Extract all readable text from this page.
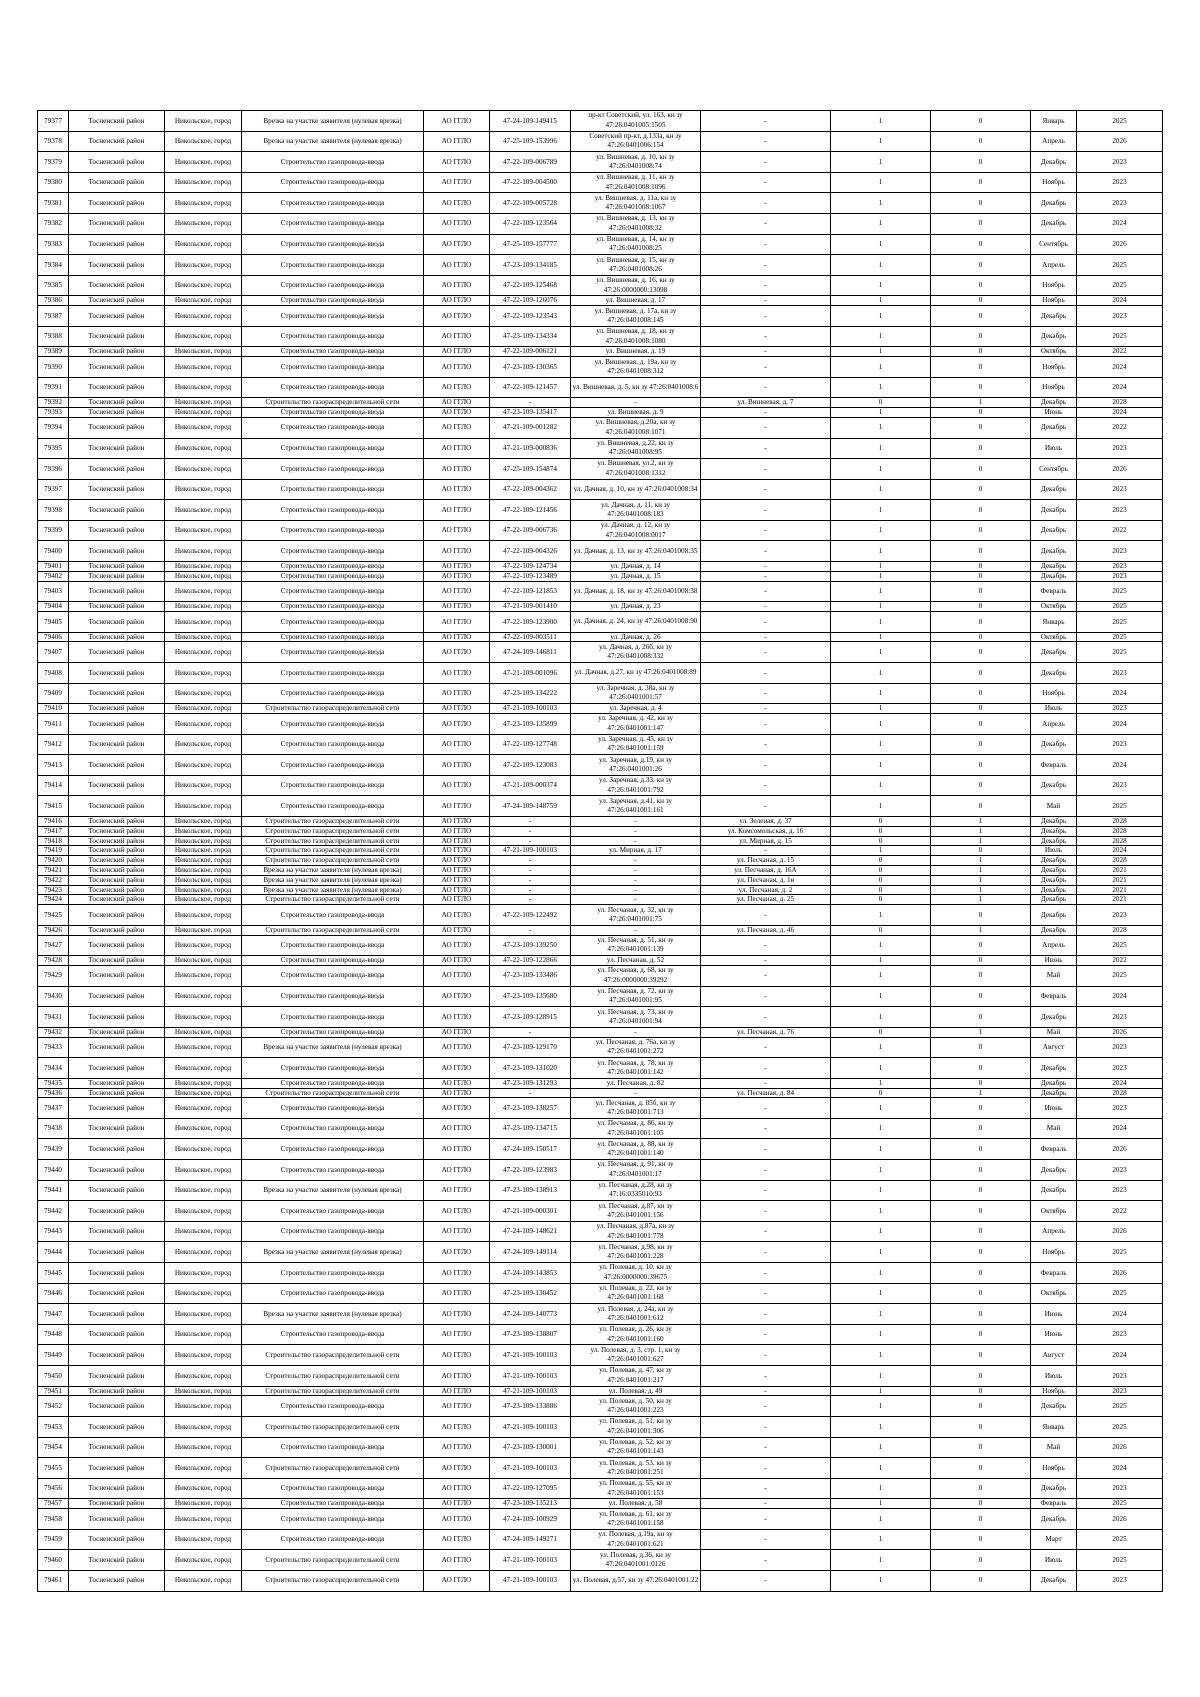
79377	Тосненский район	Никольское, город	Врезка на участке заявителя (нулевая врезка)	АО ГГЛО	47-24-109-149415	пр-кт Советский, ул. 163, кн зу 47:26:0401005:1505	-	1	0	Январь	2025
79378	Тосненский район	Никольское, город	Врезка на участке заявителя (нулевая врезка)	АО ГГЛО	47-25-109-153996	Советский пр-кт, д.133а, кн зу 47:26:0401006:154	-	1	0	Апрель	2026
79379	Тосненский район	Никольское, город	Строительство газопровода-ввода	АО ГГЛО	47-22-109-006789	ул. Вишневая, д. 10, кн зу 47:26:0401008:74	-	1	0	Декабрь	2023
79380	Тосненский район	Никольское, город	Строительство газопровода-ввода	АО ГГЛО	47-22-109-004500	ул. Вишневая, д. 11, кн зу 47:26:0401008:1096	-	1	0	Ноябрь	2023
79381	Тосненский район	Никольское, город	Строительство газопровода-ввода	АО ГГЛО	47-22-109-005728	ул. Вишневая, д. 11а, кн зу 47:26:0401008:1067	-	1	0	Декабрь	2023
79382	Тосненский район	Никольское, город	Строительство газопровода-ввода	АО ГГЛО	47-22-109-123564	ул. Вишневая, д. 13, кн зу 47:26:0401008:32	-	1	0	Декабрь	2024
79383	Тосненский район	Никольское, город	Строительство газопровода-ввода	АО ГГЛО	47-25-109-157777	ул. Вишневая, д. 14, кн зу 47:26:0401008:25	-	1	0	Сентябрь	2026
79384	Тосненский район	Никольское, город	Строительство газопровода-ввода	АО ГГЛО	47-23-109-134185	ул. Вишневая, д. 15, кн зу 47:26:0401008:26	-	1	0	Апрель	2025
79385	Тосненский район	Никольское, город	Строительство газопровода-ввода	АО ГГЛО	47-22-109-125468	ул. Вишневая, д. 16, кн зу 47:26:0000000:13098	-	1	0	Ноябрь	2025
79386	Тосненский район	Никольское, город	Строительство газопровода-ввода	АО ГГЛО	47-22-109-126076	ул. Вишневая, д. 17	-	1	0	Ноябрь	2024
79387	Тосненский район	Никольское, город	Строительство газопровода-ввода	АО ГГЛО	47-22-109-123543	ул. Вишневая, д. 17а, кн зу 47:26:0401008:145	-	1	0	Декабрь	2023
79388	Тосненский район	Никольское, город	Строительство газопровода-ввода	АО ГГЛО	47-23-109-134334	ул. Вишневая, д. 18, кн зу 47:26:0401008:1080	-	1	0	Декабрь	2025
79389	Тосненский район	Никольское, город	Строительство газопровода-ввода	АО ГГЛО	47-22-109-006121	ул. Вишневая, д. 19	-	1	0	Октябрь	2022
79390	Тосненский район	Никольское, город	Строительство газопровода-ввода	АО ГГЛО	47-23-109-130365	ул. Вишневая, д. 19а, кн зу 47:26:0401008:312	-	1	0	Ноябрь	2024
79391	Тосненский район	Никольское, город	Строительство газопровода-ввода	АО ГГЛО	47-22-109-121457	ул. Вишневая, д. 5, кн зу 47:26:0401008:6	-	1	0	Ноябрь	2024
79392	Тосненский район	Никольское, город	Строительство газораспределительной сети	АО ГГЛО	-	-	ул. Вишневая, д. 7	0	1	Декабрь	2028
79393	Тосненский район	Никольское, город	Строительство газопровода-ввода	АО ГГЛО	47-23-109-135417	ул. Вишневая, д. 9	-	1	0	Июнь	2024
79394	Тосненский район	Никольское, город	Строительство газопровода-ввода	АО ГГЛО	47-21-109-001282	ул. Вишневая, д.20а, кн зу 47:26:0401008:1071	-	1	0	Декабрь	2022
79395	Тосненский район	Никольское, город	Строительство газопровода-ввода	АО ГГЛО	47-21-109-000836	ул. Вишневая, д.22, кн зу 47:26:0401008:95	-	1	0	Июль	2023
79396	Тосненский район	Никольское, город	Строительство газопровода-ввода	АО ГГЛО	47-25-109-154874	ул. Вишневая, ул.2, кн зу 47:26:0401008:1312	-	1	0	Сентябрь	2026
79397	Тосненский район	Никольское, город	Строительство газопровода-ввода	АО ГГЛО	47-22-109-004362	ул. Дачная, д. 10, кн зу 47:26:0401008:34	-	1	0	Декабрь	2023
79398	Тосненский район	Никольское, город	Строительство газопровода-ввода	АО ГГЛО	47-22-109-121456	ул. Дачная, д. 11, кн зу 47:26:0401008:183	-	1	0	Декабрь	2023
79399	Тосненский район	Никольское, город	Строительство газопровода-ввода	АО ГГЛО	47-22-109-006736	ул. Дачная, д. 12, кн зу 47:26:0401008:0017	-	1	0	Декабрь	2022
79400	Тосненский район	Никольское, город	Строительство газопровода-ввода	АО ГГЛО	47-22-109-004326	ул. Дачная, д. 13, кн зу 47:26:0401008:35	-	1	0	Декабрь	2023
79401	Тосненский район	Никольское, город	Строительство газопровода-ввода	АО ГГЛО	47-22-109-124734	ул. Дачная, д. 14	-	1	0	Декабрь	2023
79402	Тосненский район	Никольское, город	Строительство газопровода-ввода	АО ГГЛО	47-22-109-123489	ул. Дачная, д. 15	-	1	0	Декабрь	2023
79403	Тосненский район	Никольское, город	Строительство газопровода-ввода	АО ГГЛО	47-22-109-121853	ул. Дачная, д. 18, кн зу 47:26:0401008:38	-	1	0	Февраль	2025
79404	Тосненский район	Никольское, город	Строительство газопровода-ввода	АО ГГЛО	47-21-109-001410	ул. Дачная, д. 23	-	1	0	Октябрь	2025
79405	Тосненский район	Никольское, город	Строительство газопровода-ввода	АО ГГЛО	47-22-109-123900	ул. Дачная, д. 24, кн зу 47:26:0401008:90	-	1	0	Январь	2025
79406	Тосненский район	Никольское, город	Строительство газопровода-ввода	АО ГГЛО	47-22-109-003511	ул. Дачная, д. 26	-	1	0	Октябрь	2025
79407	Тосненский район	Никольское, город	Строительство газопровода-ввода	АО ГГЛО	47-24-109-146811	ул. Дачная, д. 26б, кн зу 47:26:0401008:332	-	1	0	Декабрь	2025
79408	Тосненский район	Никольское, город	Строительство газопровода-ввода	АО ГГЛО	47-21-109-001096	ул. Дачная, д.27, кн зу 47:26:0401008:89	-	1	0	Декабрь	2023
79409	Тосненский район	Никольское, город	Строительство газопровода-ввода	АО ГГЛО	47-23-109-134222	ул. Заречная, д. 38а, кн зу 47:26:0401001:57	-	1	0	Ноябрь	2024
79410	Тосненский район	Никольское, город	Строительство газораспределительной сети	АО ГГЛО	47-21-109-100103	ул. Заречная, д. 4	-	1	0	Июль	2023
79411	Тосненский район	Никольское, город	Строительство газопровода-ввода	АО ГГЛО	47-23-109-135899	ул. Заречная, д. 42, кн зу 47:26:0401001:147	-	1	0	Апрель	2024
79412	Тосненский район	Никольское, город	Строительство газопровода-ввода	АО ГГЛО	47-22-109-127748	ул. Заречная, д. 45, кн зу 47:26:0401001:159	-	1	0	Декабрь	2023
79413	Тосненский район	Никольское, город	Строительство газопровода-ввода	АО ГГЛО	47-22-109-123083	ул. Заречная, д.19, кн зу 47:26:0401001:26	-	1	0	Февраль	2024
79414	Тосненский район	Никольское, город	Строительство газопровода-ввода	АО ГГЛО	47-21-109-000374	ул. Заречная, д.33, кн зу 47:26:0401001:792	-	1	0	Декабрь	2023
79415	Тосненский район	Никольское, город	Строительство газопровода-ввода	АО ГГЛО	47-24-109-148759	ул. Заречная, д.41, кн зу 47:26:0401001:161	-	1	0	Май	2025
79416	Тосненский район	Никольское, город	Строительство газораспределительной сети	АО ГГЛО	-	-	ул. Зеленая, д. 37	0	1	Декабрь	2028
79417	Тосненский район	Никольское, город	Строительство газораспределительной сети	АО ГГЛО	-	-	ул. Комсомольская, д. 16	0	1	Декабрь	2028
79418	Тосненский район	Никольское, город	Строительство газораспределительной сети	АО ГГЛО	-	-	ул. Мирная, д. 15	0	1	Декабрь	2028
79419	Тосненский район	Никольское, город	Строительство газораспределительной сети	АО ГГЛО	47-21-109-100103	ул. Мирная, д. 17	-	1	0	Июль	2024
79420	Тосненский район	Никольское, город	Строительство газораспределительной сети	АО ГГЛО	-	-	ул. Песчаная, д. 15	0	1	Декабрь	2028
79421	Тосненский район	Никольское, город	Врезка на участке заявителя (нулевая врезка)	АО ГГЛО	-	-	ул. Песчаная, д. 16А	0	1	Декабрь	2021
79422	Тосненский район	Никольское, город	Врезка на участке заявителя (нулевая врезка)	АО ГГЛО	-	-	ул. Песчаная, д. 1в	0	1	Декабрь	2021
79423	Тосненский район	Никольское, город	Врезка на участке заявителя (нулевая врезка)	АО ГГЛО	-	-	ул. Песчаная, д. 2	0	1	Декабрь	2021
79424	Тосненский район	Никольское, город	Строительство газораспределительной сети	АО ГГЛО	-	-	ул. Песчаная, д. 25	0	1	Декабрь	2021
79425	Тосненский район	Никольское, город	Строительство газопровода-ввода	АО ГГЛО	47-22-109-122492	ул. Песчаная, д. 32, кн зу 47:26:0401001:75	-	1	0	Декабрь	2023
79426	Тосненский район	Никольское, город	Строительство газораспределительной сети	АО ГГЛО	-	-	ул. Песчаная, д. 46	0	1	Декабрь	2028
79427	Тосненский район	Никольское, город	Строительство газопровода-ввода	АО ГГЛО	47-23-109-139250	ул. Песчаная, д. 51, кн зу 47:26:0401001:139	-	1	0	Апрель	2025
79428	Тосненский район	Никольское, город	Строительство газопровода-ввода	АО ГГЛО	47-22-109-122866	ул. Песчаная, д. 52	-	1	0	Июнь	2022
79429	Тосненский район	Никольское, город	Строительство газопровода-ввода	АО ГГЛО	47-23-109-133486	ул. Песчаная, д. 68, кн зу 47:26:0000000:39292	-	1	0	Май	2025
79430	Тосненский район	Никольское, город	Строительство газопровода-ввода	АО ГГЛО	47-23-109-135680	ул. Песчаная, д. 72, кн зу 47:26:0401001:95	-	1	0	Февраль	2024
79431	Тосненский район	Никольское, город	Строительство газопровода-ввода	АО ГГЛО	47-23-109-128915	ул. Песчаная, д. 73, кн зу 47:26:0401001:94	-	1	0	Декабрь	2023
79432	Тосненский район	Никольское, город	Строительство газопровода-ввода	АО ГГЛО	-	-	ул. Песчаная, д. 76	0	1	Май	2026
79433	Тосненский район	Никольское, город	Врезка на участке заявителя (нулевая врезка)	АО ГГЛО	47-23-109-129170	ул. Песчаная, д. 76а, кн зу 47:26:0401001:272	-	1	0	Август	2023
79434	Тосненский район	Никольское, город	Строительство газопровода-ввода	АО ГГЛО	47-23-109-131020	ул. Песчаная, д. 78, кн зу 47:26:0401001:142	-	1	0	Декабрь	2023
79435	Тосненский район	Никольское, город	Строительство газопровода-ввода	АО ГГЛО	47-23-109-131293	ул. Песчаная, д. 82	-	1	0	Декабрь	2024
79436	Тосненский район	Никольское, город	Строительство газораспределительной сети	АО ГГЛО	-	-	ул. Песчаная, д. 84	0	1	Декабрь	2028
79437	Тосненский район	Никольское, город	Строительство газопровода-ввода	АО ГГЛО	47-23-109-138257	ул. Песчаная, д. 85б, кн зу 47:26:0401001:713	-	1	0	Июнь	2023
79438	Тосненский район	Никольское, город	Строительство газопровода-ввода	АО ГГЛО	47-23-109-134715	ул. Песчаная, д. 86, кн зу 47:26:0401001:105	-	1	0	Май	2024
79439	Тосненский район	Никольское, город	Строительство газопровода-ввода	АО ГГЛО	47-24-109-150517	ул. Песчаная, д. 88, кн зу 47:26:0401001:140	-	1	0	Февраль	2026
79440	Тосненский район	Никольское, город	Строительство газопровода-ввода	АО ГГЛО	47-22-109-123983	ул. Песчаная, д. 91, кн зу 47:26:0401001:17	-	1	0	Декабрь	2023
79441	Тосненский район	Никольское, город	Врезка на участке заявителя (нулевая врезка)	АО ГГЛО	47-23-109-138913	ул. Песчаная, д.28, кн зу 47:16:0335010:93	-	1	0	Декабрь	2023
79442	Тосненский район	Никольское, город	Строительство газопровода-ввода	АО ГГЛО	47-21-109-000301	ул. Песчаная, д.87, кн зу 47:26:0401001:156	-	1	0	Октябрь	2022
79443	Тосненский район	Никольское, город	Строительство газопровода-ввода	АО ГГЛО	47-24-109-148621	ул. Песчаная, д.87а, кн зу 47:26:0401001:778	-	1	0	Апрель	2026
79444	Тосненский район	Никольское, город	Врезка на участке заявителя (нулевая врезка)	АО ГГЛО	47-24-109-149114	ул. Песчаная, д.98, кн зу 47:26:0401001:228	-	1	0	Ноябрь	2025
79445	Тосненский район	Никольское, город	Строительство газопровода-ввода	АО ГГЛО	47-24-109-143853	ул. Полевая, д. 10, кн зу 47:26:0000000:39675	-	1	0	Февраль	2026
79446	Тосненский район	Никольское, город	Строительство газопровода-ввода	АО ГГЛО	47-23-109-130452	ул. Полевая, д. 22, кн зу 47:26:0401001:168	-	1	0	Октябрь	2025
79447	Тосненский район	Никольское, город	Врезка на участке заявителя (нулевая врезка)	АО ГГЛО	47-24-109-140773	ул. Полевая, д. 24а, кн зу 47:26:0401001:612	-	1	0	Июнь	2024
79448	Тосненский район	Никольское, город	Строительство газопровода-ввода	АО ГГЛО	47-23-109-138807	ул. Полевая, д. 26, кн зу 47:26:0401001:160	-	1	0	Июнь	2023
79449	Тосненский район	Никольское, город	Строительство газораспределительной сети	АО ГГЛО	47-21-109-100103	ул. Полевая, д. 3, стр. 1, кн зу 47:26:0401001:627	-	1	0	Август	2024
79450	Тосненский район	Никольское, город	Строительство газораспределительной сети	АО ГГЛО	47-21-109-100103	ул. Полевая, д. 47, кн зу 47:26:0401001:217	-	1	0	Июль	2023
79451	Тосненский район	Никольское, город	Строительство газораспределительной сети	АО ГГЛО	47-21-109-100103	ул. Полевая, д. 49	-	1	0	Ноябрь	2023
79452	Тосненский район	Никольское, город	Строительство газопровода-ввода	АО ГГЛО	47-23-109-133886	ул. Полевая, д. 50, кн зу 47:26:0401001:223	-	1	0	Декабрь	2025
79453	Тосненский район	Никольское, город	Строительство газораспределительной сети	АО ГГЛО	47-21-109-100103	ул. Полевая, д. 51, кн зу 47:26:0401001:306	-	1	0	Январь	2025
79454	Тосненский район	Никольское, город	Строительство газопровода-ввода	АО ГГЛО	47-23-109-130001	ул. Полевая, д. 52, кн зу 47:26:0401001:143	-	1	0	Май	2026
79455	Тосненский район	Никольское, город	Строительство газораспределительной сети	АО ГГЛО	47-21-109-100103	ул. Полевая, д. 53, кн зу 47:26:0401001:251	-	1	0	Ноябрь	2024
79456	Тосненский район	Никольское, город	Строительство газопровода-ввода	АО ГГЛО	47-22-109-127095	ул. Полевая, д. 55, кн зу 47:26:0401001:153	-	1	0	Декабрь	2023
79457	Тосненский район	Никольское, город	Строительство газопровода-ввода	АО ГГЛО	47-23-109-135213	ул. Полевая, д. 58	-	1	0	Февраль	2025
79458	Тосненский район	Никольское, город	Строительство газопровода-ввода	АО ГГЛО	47-24-109-100929	ул. Полевая, д. 61, кн зу 47:26:0401001:158	-	1	0	Декабрь	2026
79459	Тосненский район	Никольское, город	Строительство газопровода-ввода	АО ГГЛО	47-24-109-149271	ул. Полевая, д.19а, кн зу 47:26:0401001:621	-	1	0	Март	2025
79460	Тосненский район	Никольское, город	Строительство газораспределительной сети	АО ГГЛО	47-21-109-100103	ул. Полевая, д.36, кн зу 47:26:0401001:0126	-	1	0	Июль	2025
79461	Тосненский район	Никольское, город	Строительство газораспределительной сети	АО ГГЛО	47-21-109-100103	ул. Полевая, д.57, кн зу 47:26:0401001:22	-	1	0	Декабрь	2023
